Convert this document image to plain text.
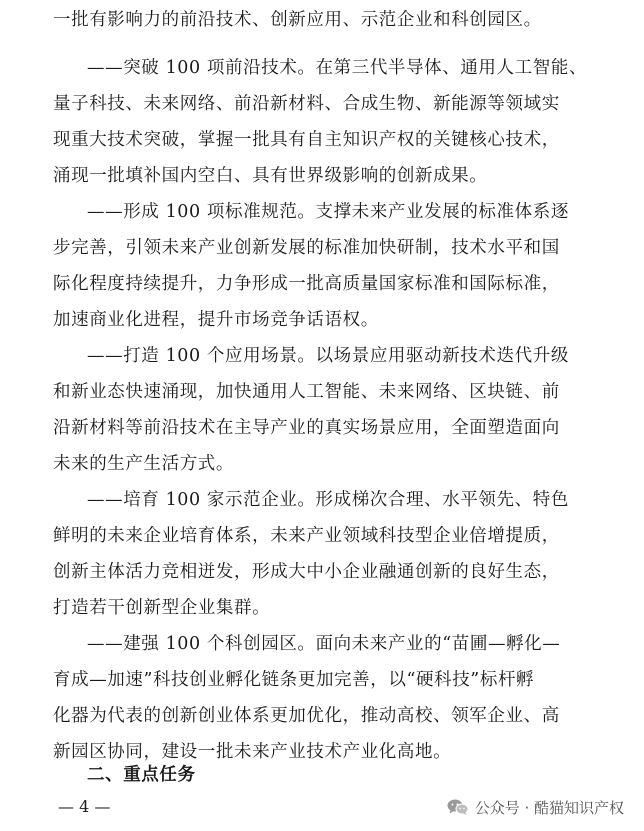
一批有影响力的前沿技术、创新应用、示范企业和科创园区。
——突破 100 项前沿技术。在第三代半导体、通用人工智能、
量子科技、未来网络、前沿新材料、合成生物、新能源等领域实
现重大技术突破，掌握一批具有自主知识产权的关键核心技术，
涌现一批填补国内空白、具有世界级影响的创新成果。
——形成 100 项标准规范。支撑未来产业发展的标准体系逐
步完善，引领未来产业创新发展的标准加快研制，技术水平和国
际化程度持续提升，力争形成一批高质量国家标准和国际标准，
加速商业化进程，提升市场竞争话语权。
——打造 100 个应用场景。以场景应用驱动新技术迭代升级
和新业态快速涌现，加快通用人工智能、未来网络、区块链、前
沿新材料等前沿技术在主导产业的真实场景应用，全面塑造面向
未来的生产生活方式。
——培育 100 家示范企业。形成梯次合理、水平领先、特色
鲜明的未来企业培育体系，未来产业领域科技型企业倍增提质，
创新主体活力竞相迸发，形成大中小企业融通创新的良好生态，
打造若干创新型企业集群。
——建强 100 个科创园区。面向未来产业的“苗圃—孵化—
育成—加速”科技创业孵化链条更加完善，以“硬科技”标杆孵
化器为代表的创新创业体系更加优化，推动高校、领军企业、高
新园区协同，建设一批未来产业技术产业化高地。
二、重点任务
— 4 —	公众号 · 酷猫知识产权
